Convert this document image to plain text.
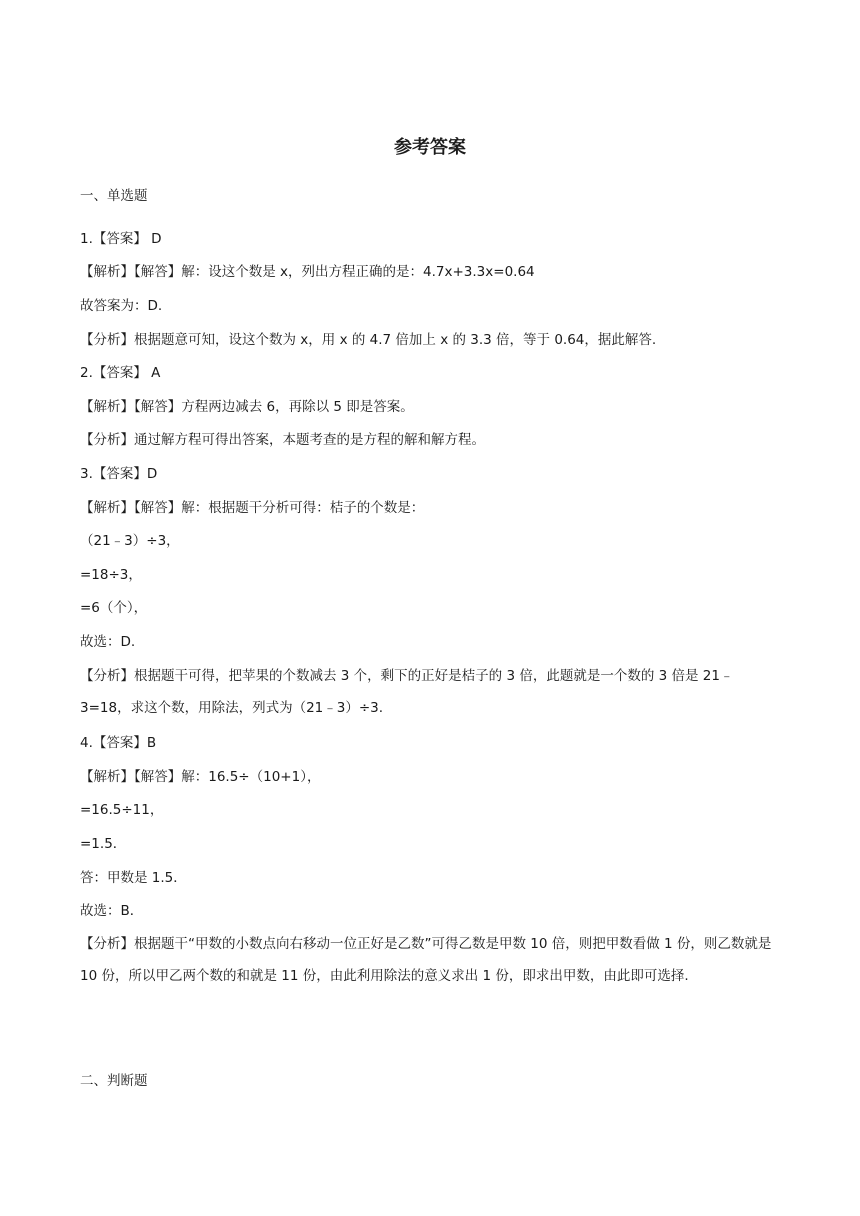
参考答案
一、单选题
1.【答案】 D
【解析】【解答】解：设这个数是 x，列出方程正确的是：4.7x+3.3x=0.64
故答案为：D.
【分析】根据题意可知，设这个数为 x，用 x 的 4.7 倍加上 x 的 3.3 倍，等于 0.64，据此解答.
2.【答案】 A
【解析】【解答】方程两边减去 6，再除以 5 即是答案。
【分析】通过解方程可得出答案，本题考查的是方程的解和解方程。
3.【答案】D
【解析】【解答】解：根据题干分析可得：桔子的个数是：
（21﹣3）÷3，
=18÷3，
=6（个），
故选：D.
【分析】根据题干可得，把苹果的个数减去 3 个，剩下的正好是桔子的 3 倍，此题就是一个数的 3 倍是 21﹣3=18，求这个数，用除法，列式为（21﹣3）÷3.
4.【答案】B
【解析】【解答】解：16.5÷（10+1），
=16.5÷11，
=1.5．
答：甲数是 1.5．
故选：B．
【分析】根据题干“甲数的小数点向右移动一位正好是乙数”可得乙数是甲数 10 倍，则把甲数看做 1 份，则乙数就是 10 份，所以甲乙两个数的和就是 11 份，由此利用除法的意义求出 1 份，即求出甲数，由此即可选择.
二、判断题
